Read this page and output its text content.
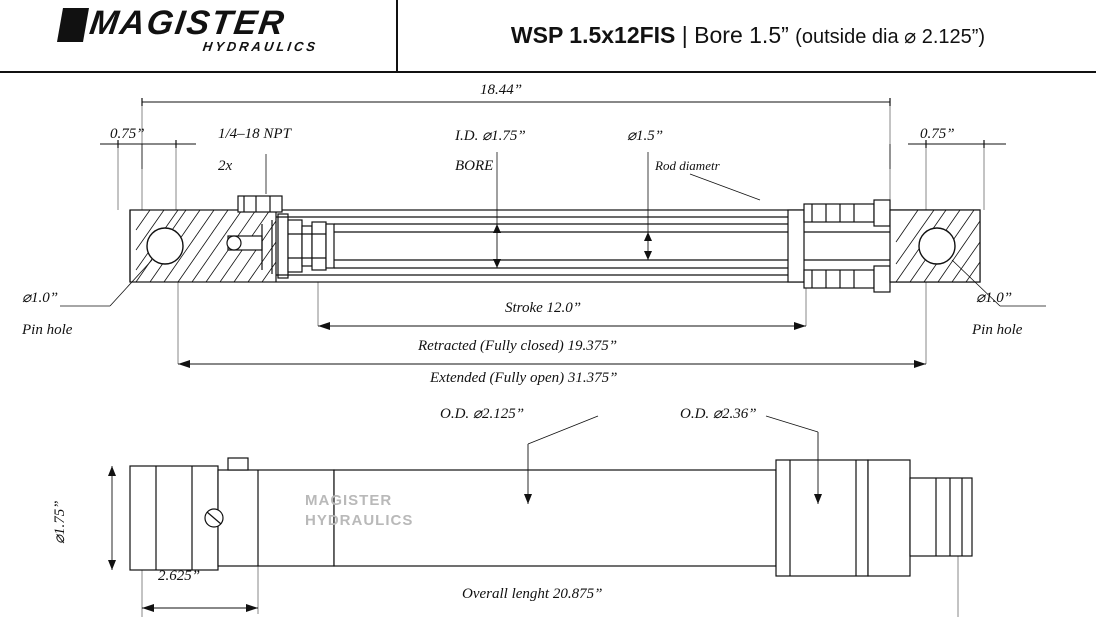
MAGISTER
HYDRAULICS	WSP 1.5x12FIS | Bore 1.5” (outside dia ⌀ 2.125”)
18.44”
0.75”	0.75”
1/4–18 NPT
2x
I.D. ⌀1.75”
BORE
⌀1.5”
Rod diametr
⌀1.0”
Pin hole
⌀1.0”
Pin hole
Stroke 12.0”
Retracted (Fully closed) 19.375”
Extended (Fully open) 31.375”
O.D. ⌀2.125”	O.D. ⌀2.36”
⌀1.75”
2.625”
Overall lenght 20.875”
MAGISTER
HYDRAULICS
